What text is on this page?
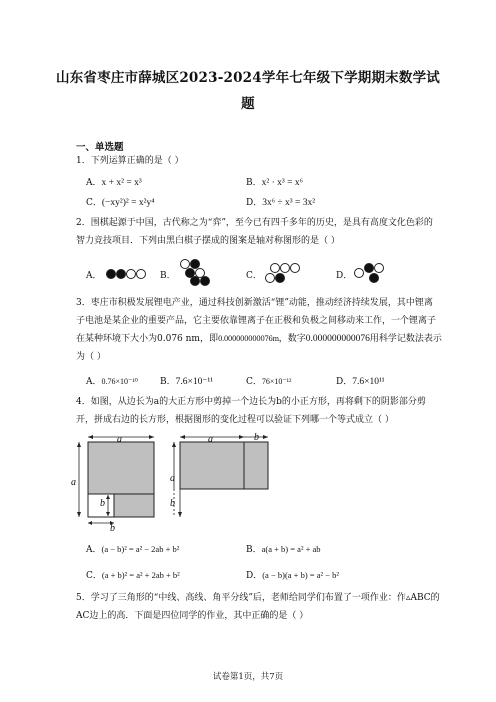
山东省枣庄市薛城区2023-2024学年七年级下学期期末数学试
题
一、单选题
1．下列运算正确的是（ ）
A．x + x² = x³	B．x² · x³ = x⁶
C．(−xy²)² = x²y⁴	D．3x⁶ ÷ x³ = 3x²
2．围棋起源于中国，古代称之为“弈”，至今已有四千多年的历史，是具有高度文化色彩的
智力竞技项目．下列由黑白棋子摆成的图案是轴对称图形的是（ ）
A．	B．	C．	D．
3．枣庄市积极发展锂电产业，通过科技创新激活“锂”动能，推动经济持续发展，其中锂离
子电池是某企业的重要产品，它主要依靠锂离子在正极和负极之间移动来工作，一个锂离子
在某种环境下大小为0.076 nm，即0.000000000076m，数字0.000000000076用科学记数法表示
为（ ）
A．0.76×10⁻¹⁰ B．7.6×10⁻¹¹	C．76×10⁻¹²	D．7.6×10¹¹
4．如图，从边长为a的大正方形中剪掉一个边长为b的小正方形，再将剩下的阴影部分剪
开，拼成右边的长方形，根据图形的变化过程可以验证下列哪一个等式成立（ ）
a
a
b
b
a	b
a
b
A．(a − b)² = a² − 2ab + b²	B．a(a + b) = a² + ab
C．(a + b)² = a² + 2ab + b²	D．(a − b)(a + b) = a² − b²
5．学习了三角形的“中线、高线、角平分线”后，老师给同学们布置了一项作业：作▵ABC的
AC边上的高．下面是四位同学的作业，其中正确的是（ ）
试卷第1页，共7页
